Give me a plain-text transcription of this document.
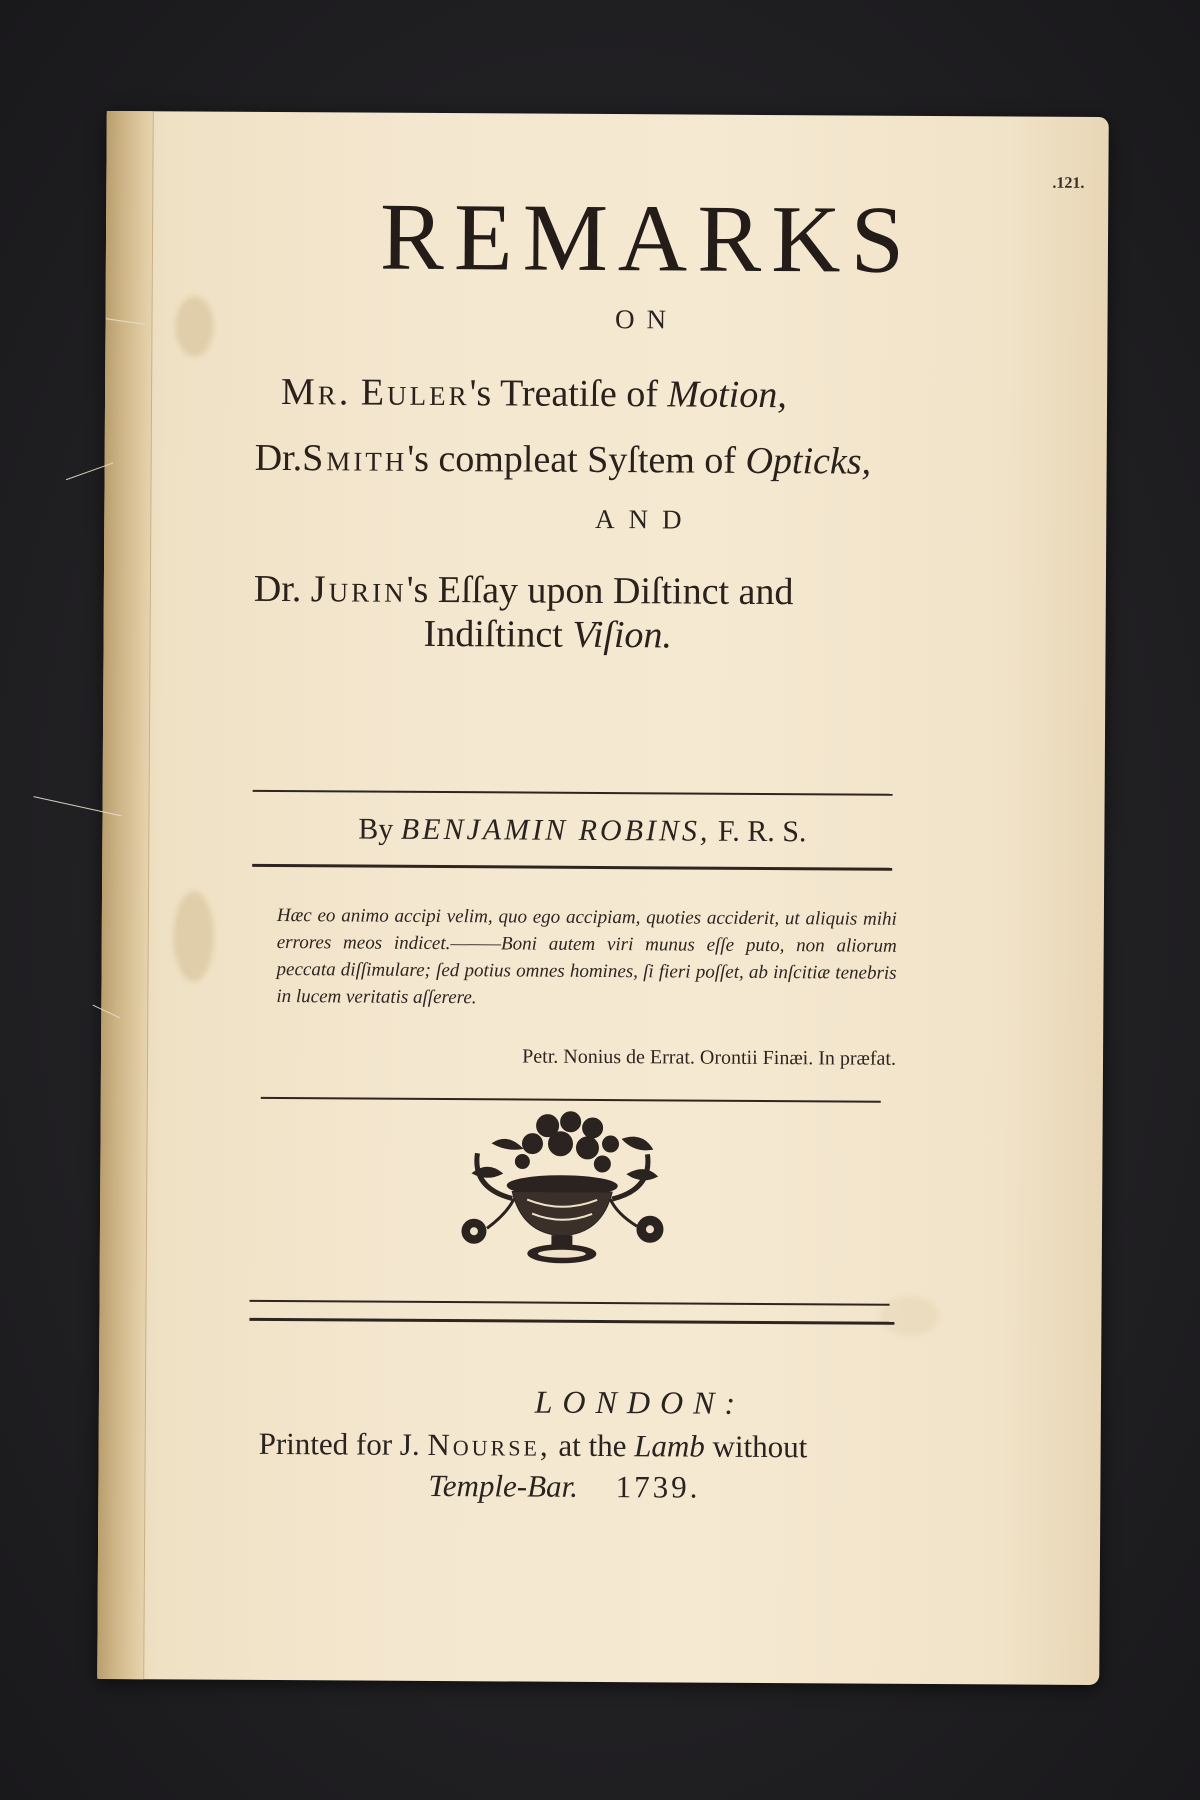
.121.
REMARKS
ON
Mr. Euler's Treatiſe of Motion,
Dr.Smith's compleat Syſtem of Opticks,
AND
Dr. Jurin's Eſſay upon Diſtinct and
Indiſtinct Viſion.
By BENJAMIN ROBINS, F. R. S.
Hæc eo animo accipi velim, quo ego accipiam, quoties acciderit, ut aliquis mihi errores meos indicet.———Boni autem viri munus eſſe puto, non aliorum peccata diſſimulare; ſed potius omnes homines, ſi fieri poſſet, ab inſcitiæ tenebris in lucem veritatis aſſerere.
Petr. Nonius de Errat. Orontii Finæi. In præfat.
LONDON:
Printed for J. Nourse, at the Lamb without
Temple-Bar. 1739.
